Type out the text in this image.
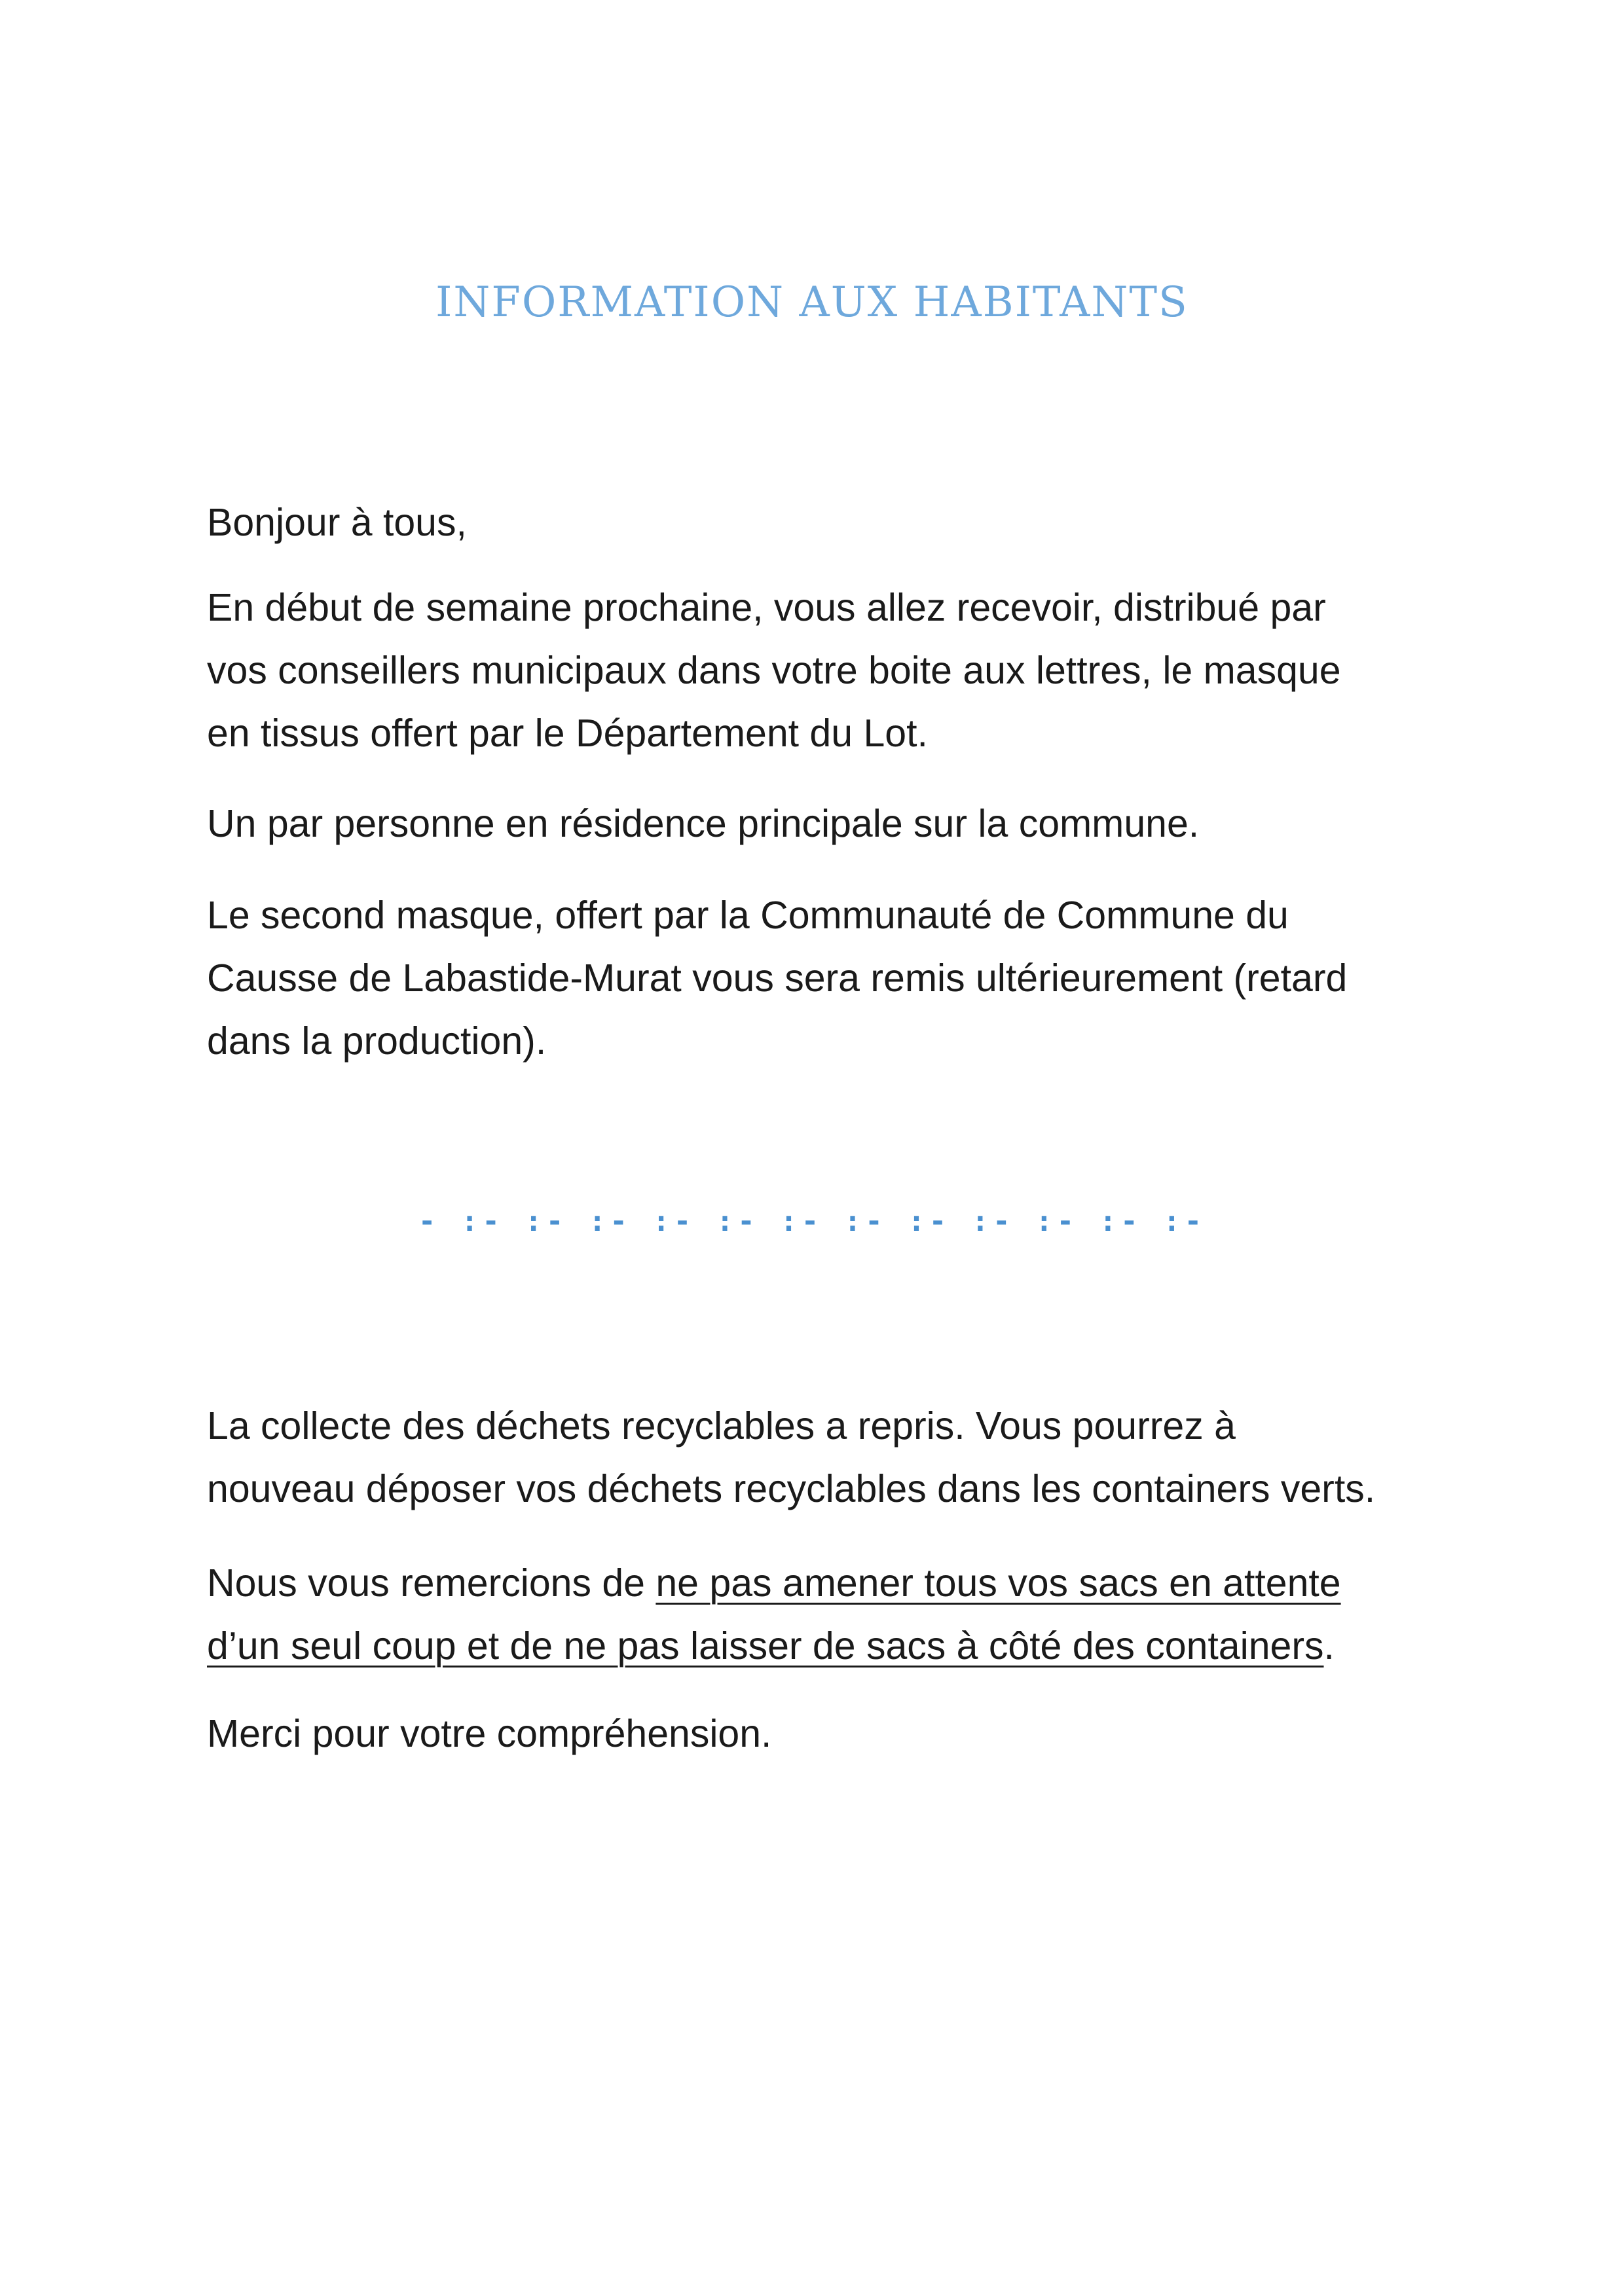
INFORMATION AUX HABITANTS

Bonjour à tous,

En début de semaine prochaine, vous allez recevoir, distribué par
vos conseillers municipaux dans votre boite aux lettres, le masque
en tissus offert par le Département du Lot.

Un par personne en résidence principale sur la commune.

Le second masque, offert par la Communauté de Commune du
Causse de Labastide-Murat vous sera remis ultérieurement (retard
dans la production).

- :- :- :- :- :- :- :- :- :- :- :- :-

La collecte des déchets recyclables a repris. Vous pourrez à
nouveau déposer vos déchets recyclables dans les containers verts.

Nous vous remercions de ne pas amener tous vos sacs en attente
d’un seul coup et de ne pas laisser de sacs à côté des containers.

Merci pour votre compréhension.
